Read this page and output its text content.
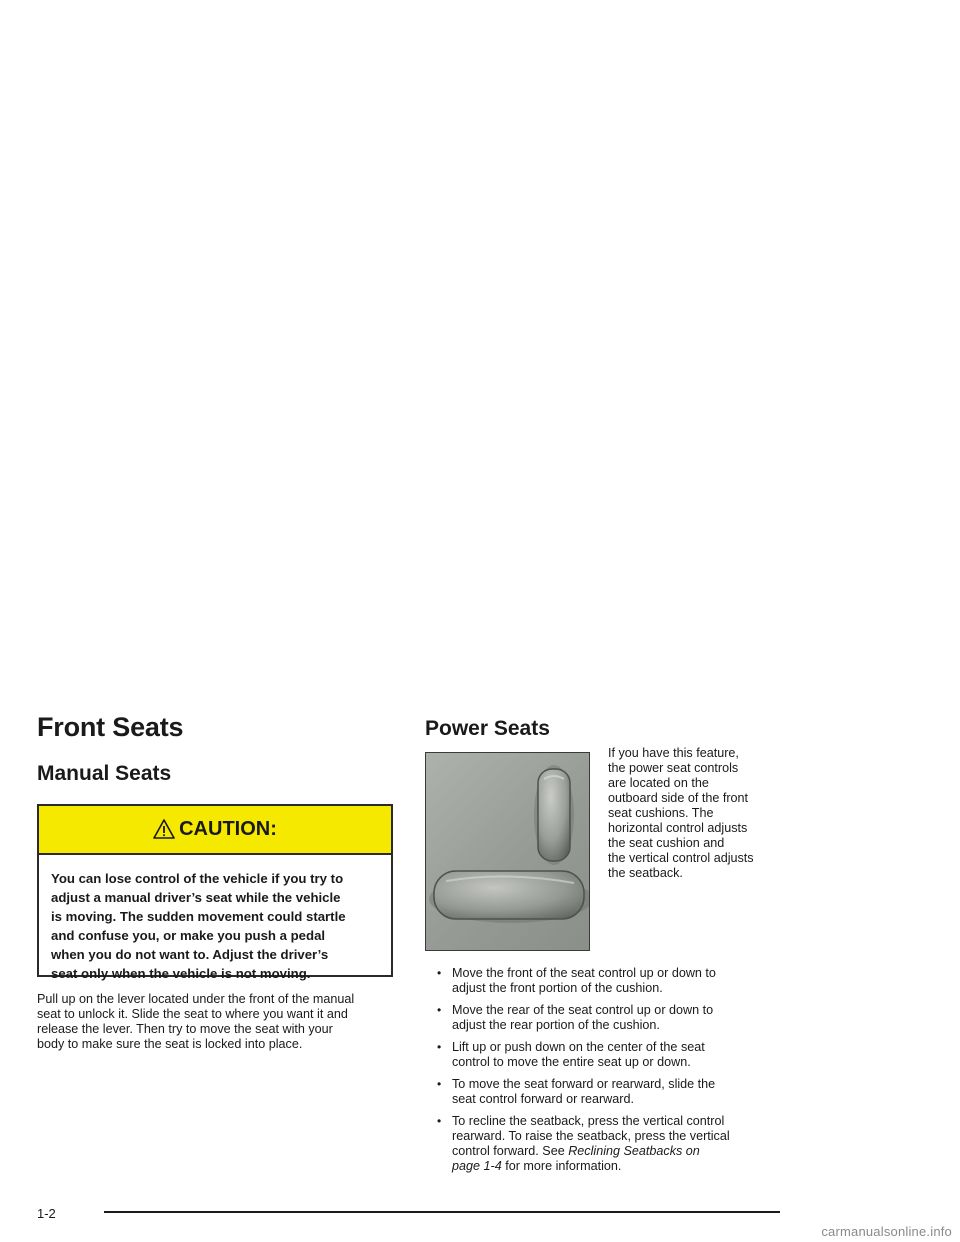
Front Seats
Manual Seats
CAUTION:
You can lose control of the vehicle if you try to
adjust a manual driver’s seat while the vehicle
is moving. The sudden movement could startle
and confuse you, or make you push a pedal
when you do not want to. Adjust the driver’s
seat only when the vehicle is not moving.
Pull up on the lever located under the front of the manual
seat to unlock it. Slide the seat to where you want it and
release the lever. Then try to move the seat with your
body to make sure the seat is locked into place.
Power Seats
If you have this feature,
the power seat controls
are located on the
outboard side of the front
seat cushions. The
horizontal control adjusts
the seat cushion and
the vertical control adjusts
the seatback.
• Move the front of the seat control up or down to
adjust the front portion of the cushion.
• Move the rear of the seat control up or down to
adjust the rear portion of the cushion.
• Lift up or push down on the center of the seat
control to move the entire seat up or down.
• To move the seat forward or rearward, slide the
seat control forward or rearward.
• To recline the seatback, press the vertical control
rearward. To raise the seatback, press the vertical
control forward. See Reclining Seatbacks on
page 1-4 for more information.
1-2
carmanualsonline.info
